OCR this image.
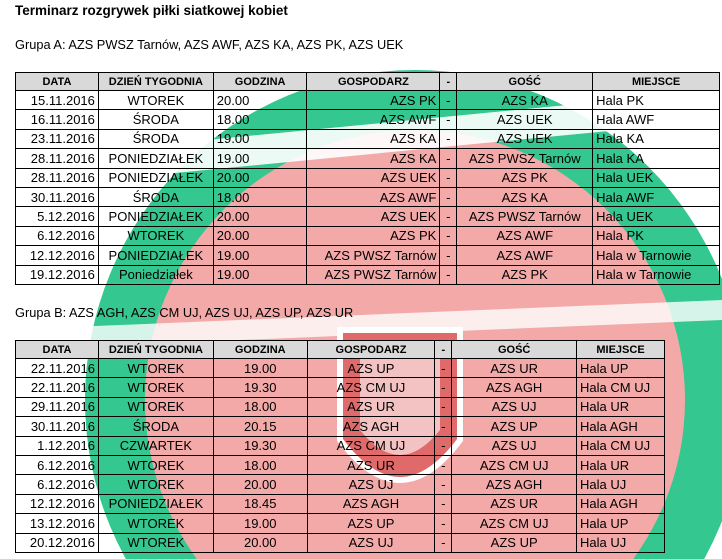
Terminarz rozgrywek piłki siatkowej kobiet
Grupa A: AZS PWSZ Tarnów, AZS AWF, AZS KA, AZS PK, AZS UEK
DATA	DZIEŃ TYGODNIA	GODZINA	GOSPODARZ	-	GOŚĆ	MIEJSCE
15.11.2016	WTOREK	20.00	AZS PK	-	AZS KA	Hala PK
16.11.2016	ŚRODA	18.00	AZS AWF	-	AZS UEK	Hala AWF
23.11.2016	ŚRODA	19.00	AZS KA	-	AZS UEK	Hala KA
28.11.2016	PONIEDZIAŁEK	19.00	AZS KA	-	AZS PWSZ Tarnów	Hala KA
28.11.2016	PONIEDZIAŁEK	20.00	AZS UEK	-	AZS PK	Hala UEK
30.11.2016	ŚRODA	18.00	AZS AWF	-	AZS KA	Hala AWF
5.12.2016	PONIEDZIAŁEK	20.00	AZS UEK	-	AZS PWSZ Tarnów	Hala UEK
6.12.2016	WTOREK	20.00	AZS PK	-	AZS AWF	Hala PK
12.12.2016	PONIEDZIAŁEK	19.00	AZS PWSZ Tarnów	-	AZS AWF	Hala w Tarnowie
19.12.2016	Poniedziałek	19.00	AZS PWSZ Tarnów	-	AZS PK	Hala w Tarnowie
Grupa B: AZS AGH, AZS CM UJ, AZS UJ, AZS UP, AZS UR
DATA	DZIEŃ TYGODNIA	GODZINA	GOSPODARZ	-	GOŚĆ	MIEJSCE
22.11.2016	WTOREK	19.00	AZS UP	-	AZS UR	Hala UP
22.11.2016	WTOREK	19.30	AZS CM UJ	-	AZS AGH	Hala CM UJ
29.11.2016	WTOREK	18.00	AZS UR	-	AZS UJ	Hala UR
30.11.2016	ŚRODA	20.15	AZS AGH	-	AZS UP	Hala AGH
1.12.2016	CZWARTEK	19.30	AZS CM UJ	-	AZS UJ	Hala CM UJ
6.12.2016	WTOREK	18.00	AZS UR	-	AZS CM UJ	Hala UR
6.12.2016	WTOREK	20.00	AZS UJ	-	AZS AGH	Hala UJ
12.12.2016	PONIEDZIAŁEK	18.45	AZS AGH	-	AZS UR	Hala AGH
13.12.2016	WTOREK	19.00	AZS UP	-	AZS CM UJ	Hala UP
20.12.2016	WTOREK	20.00	AZS UJ	-	AZS UP	Hala UJ
